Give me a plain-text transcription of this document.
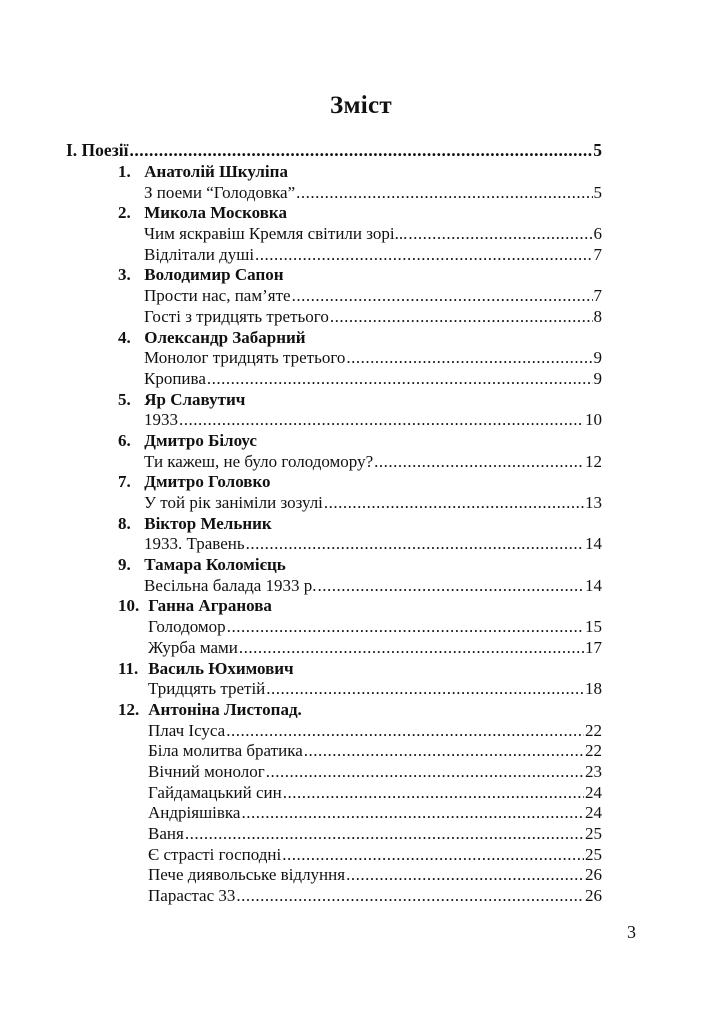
Зміст
I. Поезії .....	5
1.
Анатолій Шкуліпа
З поеми “Голодовка” .....	5
2.
Микола Московка
Чим яскравіш Кремля світили зорі... .....	6
Відлітали душі .....	7
3.
Володимир Сапон
Прости нас, пам’яте .....	7
Гості з тридцять третього .....	8
4.
Олександр Забарний
Монолог тридцять третього .....	9
Кропива .....	9
5.
Яр Славутич
1933 .....	10
6.
Дмитро Білоус
Ти кажеш, не було голодомору? .....	12
7.
Дмитро Головко
У той рік заніміли зозулі .....	13
8.
Віктор Мельник
1933. Травень .....	14
9.
Тамара Коломієць
Весільна балада 1933 р. .....	14
10.
Ганна Агранова
Голодомор .....	15
Журба мами .....	17
11.
Василь Юхимович
Тридцять третій .....	18
12.
Антоніна Листопад.
Плач Ісуса .....	22
Біла молитва братика .....	22
Вічний монолог .....	23
Гайдамацький син .....	24
Андріяшівка .....	24
Ваня .....	25
Є страсті господні .....	25
Пече диявольське відлуння .....	26
Парастас 33 .....	26
3
